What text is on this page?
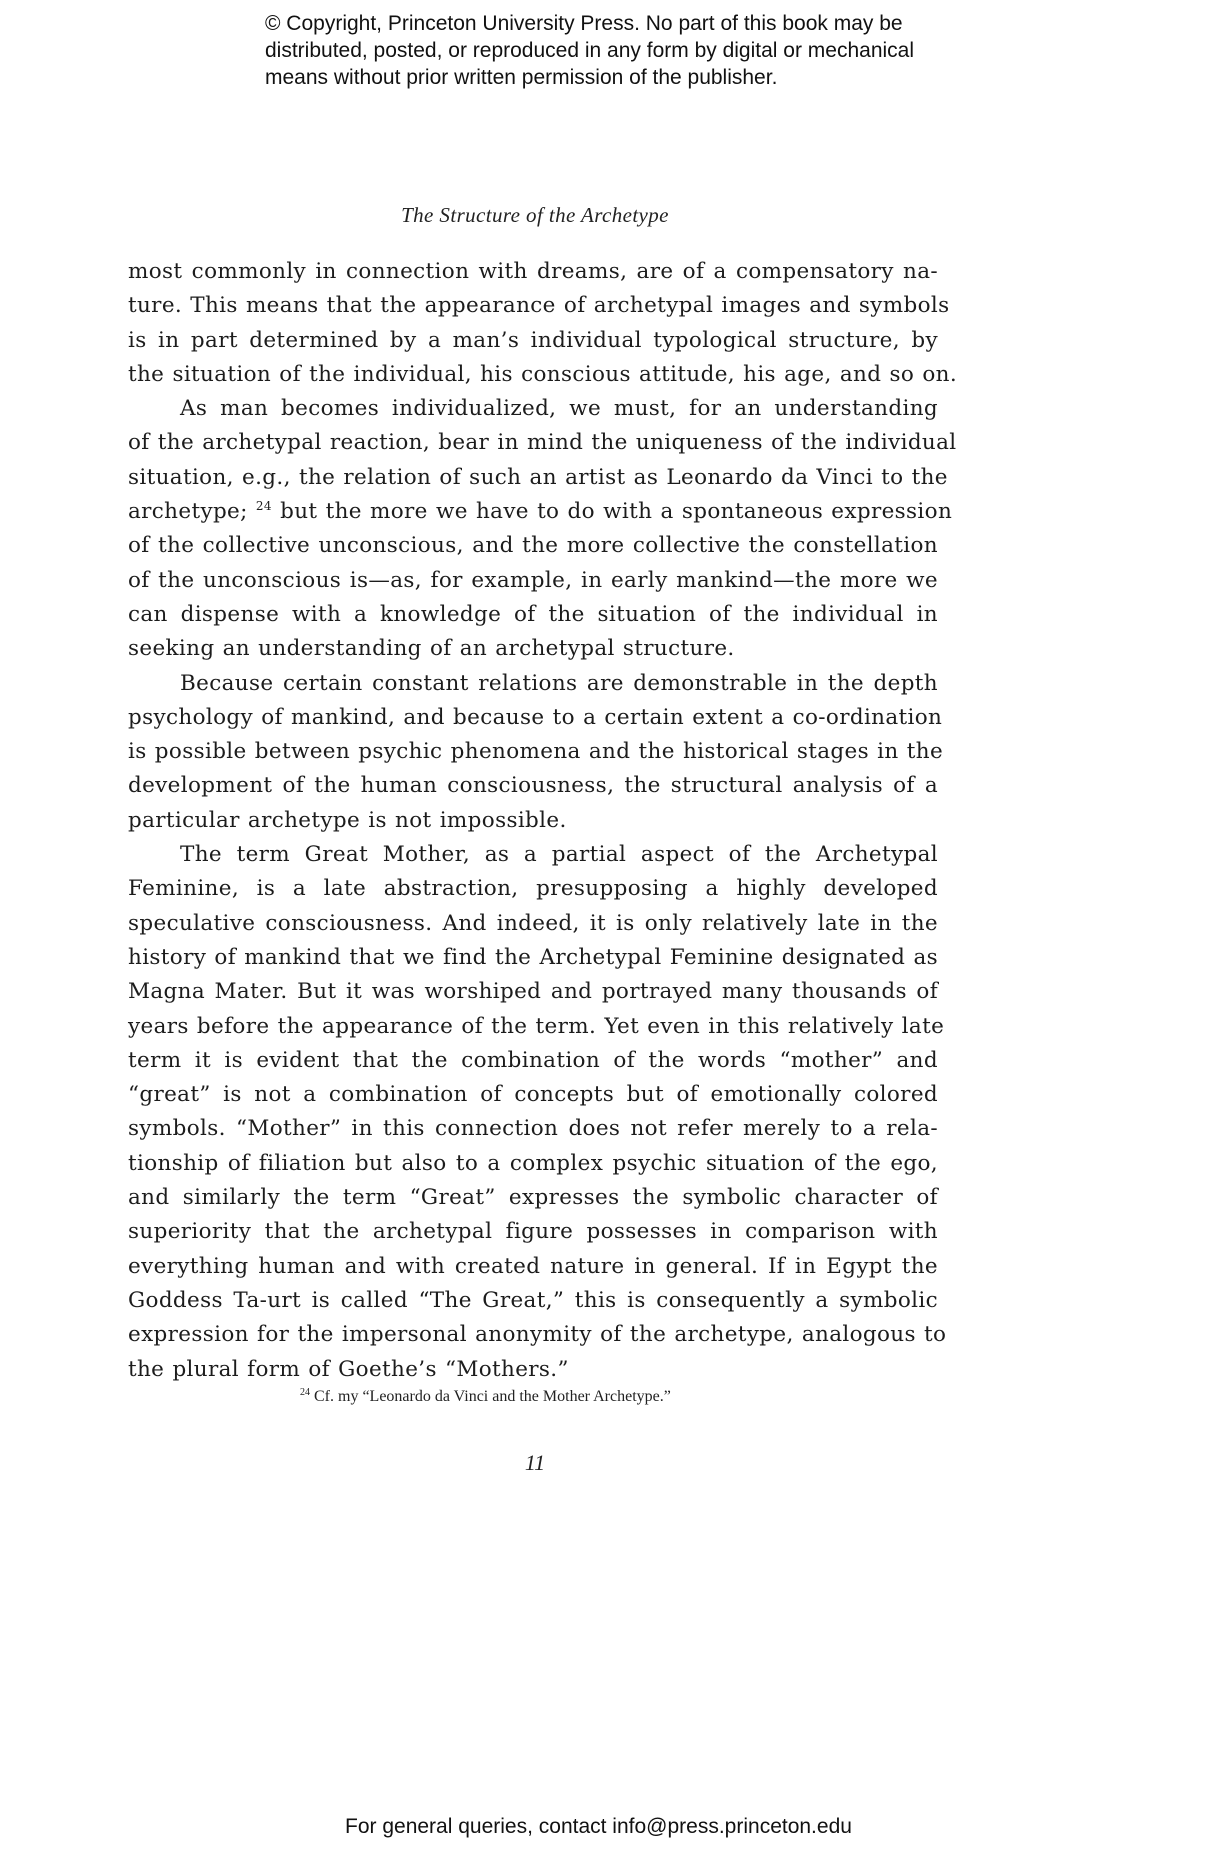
© Copyright, Princeton University Press. No part of this book may be
distributed, posted, or reproduced in any form by digital or mechanical
means without prior written permission of the publisher.
The Structure of the Archetype
most commonly in connection with dreams, are of a compensatory na-
ture. This means that the appearance of archetypal images and symbols
is in part determined by a man’s individual typological structure, by
the situation of the individual, his conscious attitude, his age, and so on.
As man becomes individualized, we must, for an understanding
of the archetypal reaction, bear in mind the uniqueness of the individual
situation, e.g., the relation of such an artist as Leonardo da Vinci to the
archetype; $^{24}$ but the more we have to do with a spontaneous expression
of the collective unconscious, and the more collective the constellation
of the unconscious is—as, for example, in early mankind—the more we
can dispense with a knowledge of the situation of the individual in
seeking an understanding of an archetypal structure.
Because certain constant relations are demonstrable in the depth
psychology of mankind, and because to a certain extent a co-ordination
is possible between psychic phenomena and the historical stages in the
development of the human consciousness, the structural analysis of a
particular archetype is not impossible.
The term Great Mother, as a partial aspect of the Archetypal
Feminine, is a late abstraction, presupposing a highly developed
speculative consciousness. And indeed, it is only relatively late in the
history of mankind that we find the Archetypal Feminine designated as
Magna Mater. But it was worshiped and portrayed many thousands of
years before the appearance of the term. Yet even in this relatively late
term it is evident that the combination of the words “mother” and
“great” is not a combination of concepts but of emotionally colored
symbols. “Mother” in this connection does not refer merely to a rela-
tionship of filiation but also to a complex psychic situation of the ego,
and similarly the term “Great” expresses the symbolic character of
superiority that the archetypal figure possesses in comparison with
everything human and with created nature in general. If in Egypt the
Goddess Ta-urt is called “The Great,” this is consequently a symbolic
expression for the impersonal anonymity of the archetype, analogous to
the plural form of Goethe’s “Mothers.”
$^{24}$ Cf. my “Leonardo da Vinci and the Mother Archetype.”
11
For general queries, contact info@press.princeton.edu
